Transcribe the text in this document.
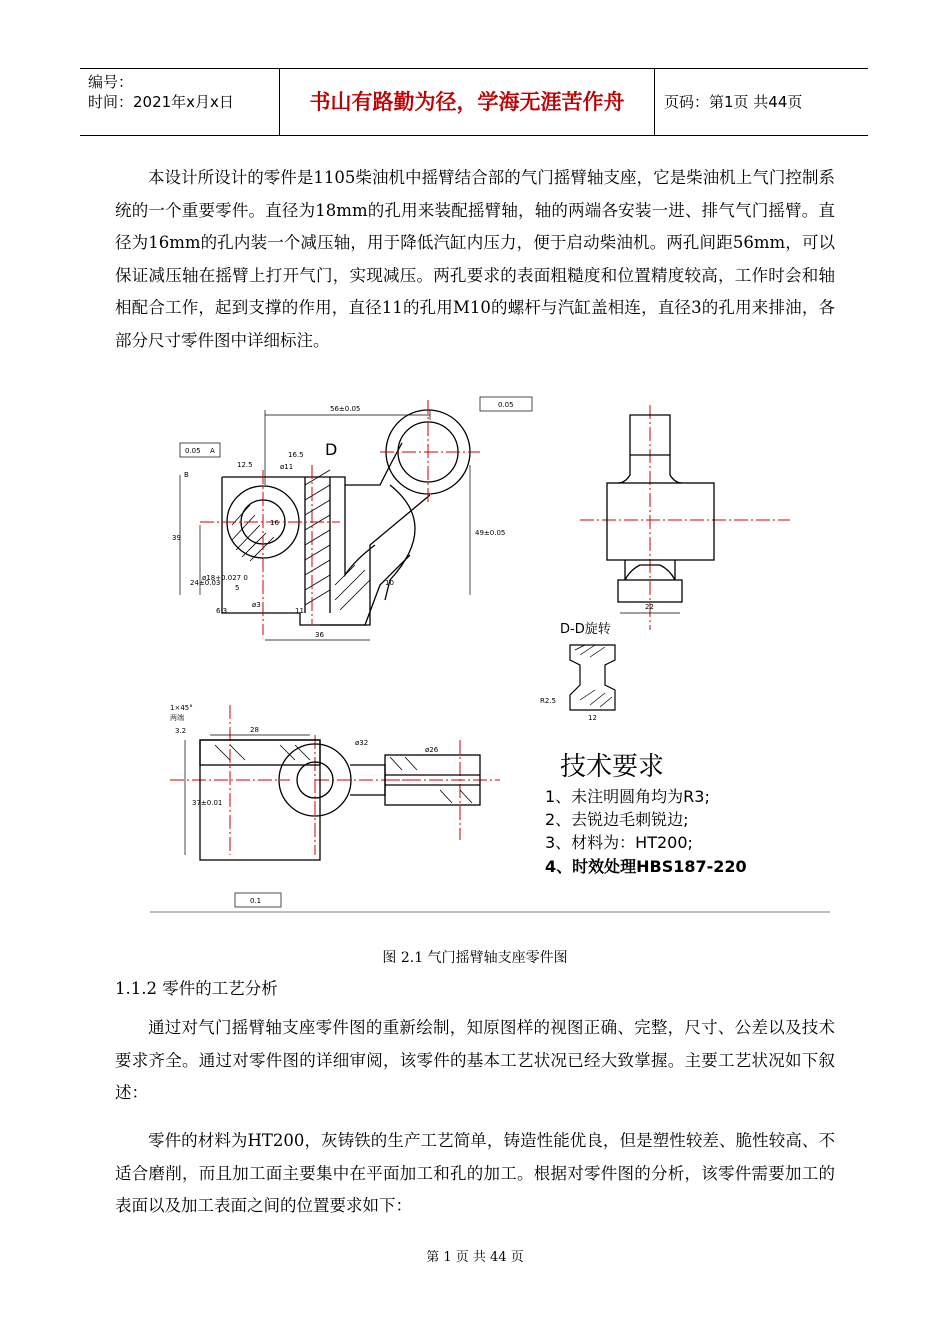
编号：
时间：2021年x月x日	书山有路勤为径，学海无涯苦作舟	页码：第1页 共44页

本设计所设计的零件是1105柴油机中摇臂结合部的气门摇臂轴支座，它是柴油机上气门控制系统的一个重要零件。直径为18mm的孔用来装配摇臂轴，轴的两端各安装一进、排气气门摇臂。直径为16mm的孔内装一个减压轴，用于降低汽缸内压力，便于启动柴油机。两孔间距56mm，可以保证减压轴在摇臂上打开气门，实现减压。两孔要求的表面粗糙度和位置精度较高，工作时会和轴相配合工作，起到支撑的作用，直径11的孔用M10的螺杆与汽缸盖相连，直径3的孔用来排油，各部分尺寸零件图中详细标注。

56±0.05
16.5
ø11
36
ø3
11
39
24±0.03
5
ø18+0.027 0
49±0.05
16
10
22
28
ø26
37±0.01
ø32
R2.5
12
1×45°
两端
0.05
0.05
0.1
A
B
12.5
6.3
3.2
D
D-D旋转
技术要求
1、未注明圆角均为R3;
2、去锐边毛刺锐边;
3、材料为：HT200;
4、时效处理HBS187-220
图 2.1 气门摇臂轴支座零件图
1.1.2 零件的工艺分析

通过对气门摇臂轴支座零件图的重新绘制，知原图样的视图正确、完整，尺寸、公差以及技术要求齐全。通过对零件图的详细审阅，该零件的基本工艺状况已经大致掌握。主要工艺状况如下叙述：

零件的材料为HT200，灰铸铁的生产工艺简单，铸造性能优良，但是塑性较差、脆性较高、不适合磨削，而且加工面主要集中在平面加工和孔的加工。根据对零件图的分析，该零件需要加工的表面以及加工表面之间的位置要求如下：

第 1 页 共 44 页
